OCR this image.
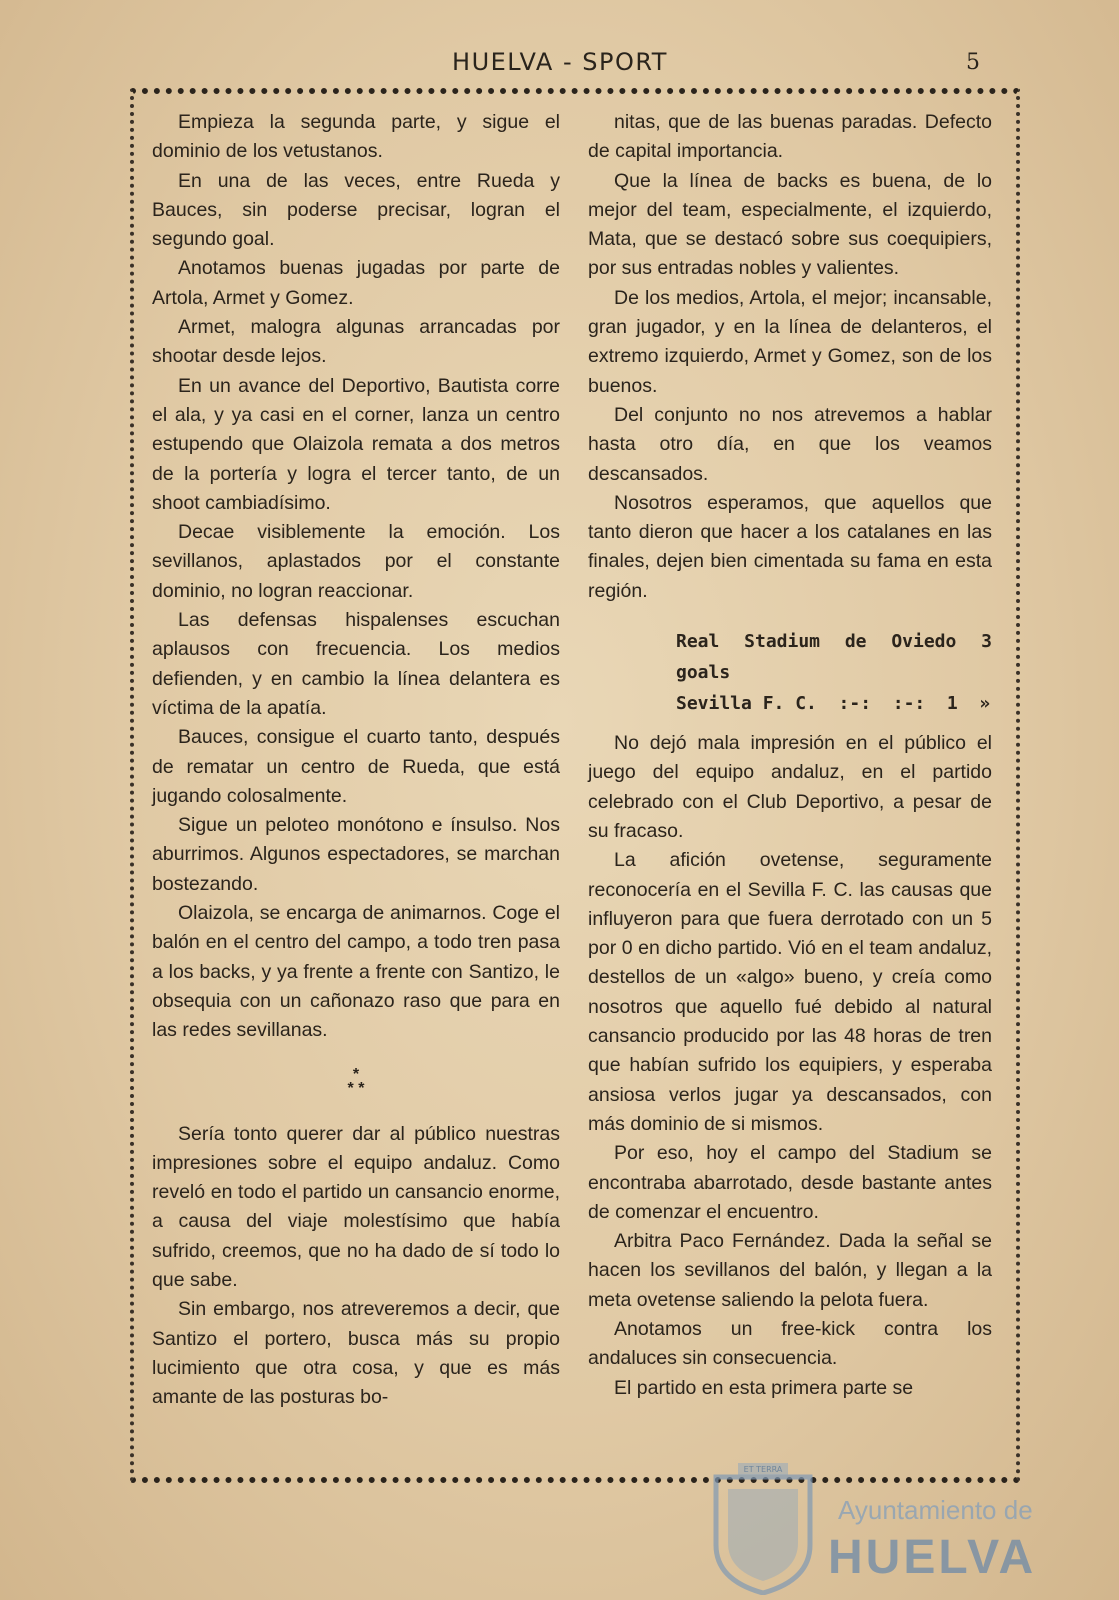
HUELVA - SPORT	5

Empieza la segunda parte, y sigue el dominio de los vetustanos.

En una de las veces, entre Rueda y Bauces, sin poderse precisar, logran el segundo goal.

Anotamos buenas jugadas por parte de Artola, Armet y Gomez.

Armet, malogra algunas arrancadas por shootar desde lejos.

En un avance del Deportivo, Bautista corre el ala, y ya casi en el corner, lanza un centro estupendo que Olaizola remata a dos metros de la portería y logra el tercer tanto, de un shoot cambiadísimo.

Decae visiblemente la emoción. Los sevillanos, aplastados por el constante dominio, no logran reaccionar.

Las defensas hispalenses escuchan aplausos con frecuencia. Los medios defienden, y en cambio la línea delantera es víctima de la apatía.

Bauces, consigue el cuarto tanto, después de rematar un centro de Rueda, que está jugando colosalmente.

Sigue un peloteo monótono e ínsulso. Nos aburrimos. Algunos espectadores, se marchan bostezando.

Olaizola, se encarga de animarnos. Coge el balón en el centro del campo, a todo tren pasa a los backs, y ya frente a frente con Santizo, le obsequia con un cañonazo raso que para en las redes sevillanas.

*
* *

Sería tonto querer dar al público nuestras impresiones sobre el equipo andaluz. Como reveló en todo el partido un cansancio enorme, a causa del viaje molestísimo que había sufrido, creemos, que no ha dado de sí todo lo que sabe.

Sin embargo, nos atreveremos a decir, que Santizo el portero, busca más su propio lucimiento que otra cosa, y que es más amante de las posturas bo-

nitas, que de las buenas paradas. Defecto de capital importancia.

Que la línea de backs es buena, de lo mejor del team, especialmente, el izquierdo, Mata, que se destacó sobre sus coequipiers, por sus entradas nobles y valientes.

De los medios, Artola, el mejor; incansable, gran jugador, y en la línea de delanteros, el extremo izquierdo, Armet y Gomez, son de los buenos.

Del conjunto no nos atrevemos a hablar hasta otro día, en que los veamos descansados.

Nosotros esperamos, que aquellos que tanto dieron que hacer a los catalanes en las finales, dejen bien cimentada su fama en esta región.

Real Stadium de Oviedo 3 goals
Sevilla F. C.  :-:  :-:  1  »

No dejó mala impresión en el público el juego del equipo andaluz, en el partido celebrado con el Club Deportivo, a pesar de su fracaso.

La afición ovetense, seguramente reconocería en el Sevilla F. C. las causas que influyeron para que fuera derrotado con un 5 por 0 en dicho partido. Vió en el team andaluz, destellos de un «algo» bueno, y creía como nosotros que aquello fué debido al natural cansancio producido por las 48 horas de tren que habían sufrido los equipiers, y esperaba ansiosa verlos jugar ya descansados, con más dominio de si mismos.

Por eso, hoy el campo del Stadium se encontraba abarrotado, desde bastante antes de comenzar el encuentro.

Arbitra Paco Fernández. Dada la señal se hacen los sevillanos del balón, y llegan a la meta ovetense saliendo la pelota fuera.

Anotamos un free-kick contra los andaluces sin consecuencia.

El partido en esta primera parte se

ET TERRA
Ayuntamiento de
HUELVA
